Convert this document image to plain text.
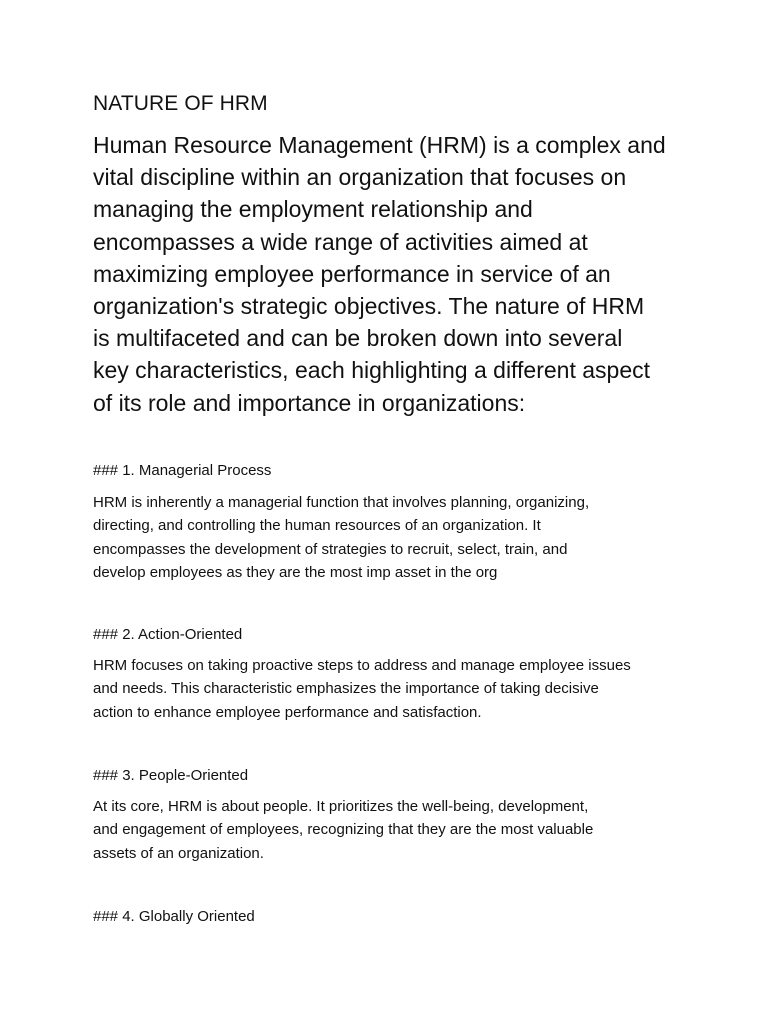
NATURE OF HRM

Human Resource Management (HRM) is a complex and
vital discipline within an organization that focuses on
managing the employment relationship and
encompasses a wide range of activities aimed at
maximizing employee performance in service of an
organization's strategic objectives. The nature of HRM
is multifaceted and can be broken down into several
key characteristics, each highlighting a different aspect
of its role and importance in organizations:

### 1. Managerial Process

HRM is inherently a managerial function that involves planning, organizing,
directing, and controlling the human resources of an organization. It
encompasses the development of strategies to recruit, select, train, and
develop employees as they are the most imp asset in the org

### 2. Action-Oriented

HRM focuses on taking proactive steps to address and manage employee issues
and needs. This characteristic emphasizes the importance of taking decisive
action to enhance employee performance and satisfaction.

### 3. People-Oriented

At its core, HRM is about people. It prioritizes the well-being, development,
and engagement of employees, recognizing that they are the most valuable
assets of an organization.

### 4. Globally Oriented
